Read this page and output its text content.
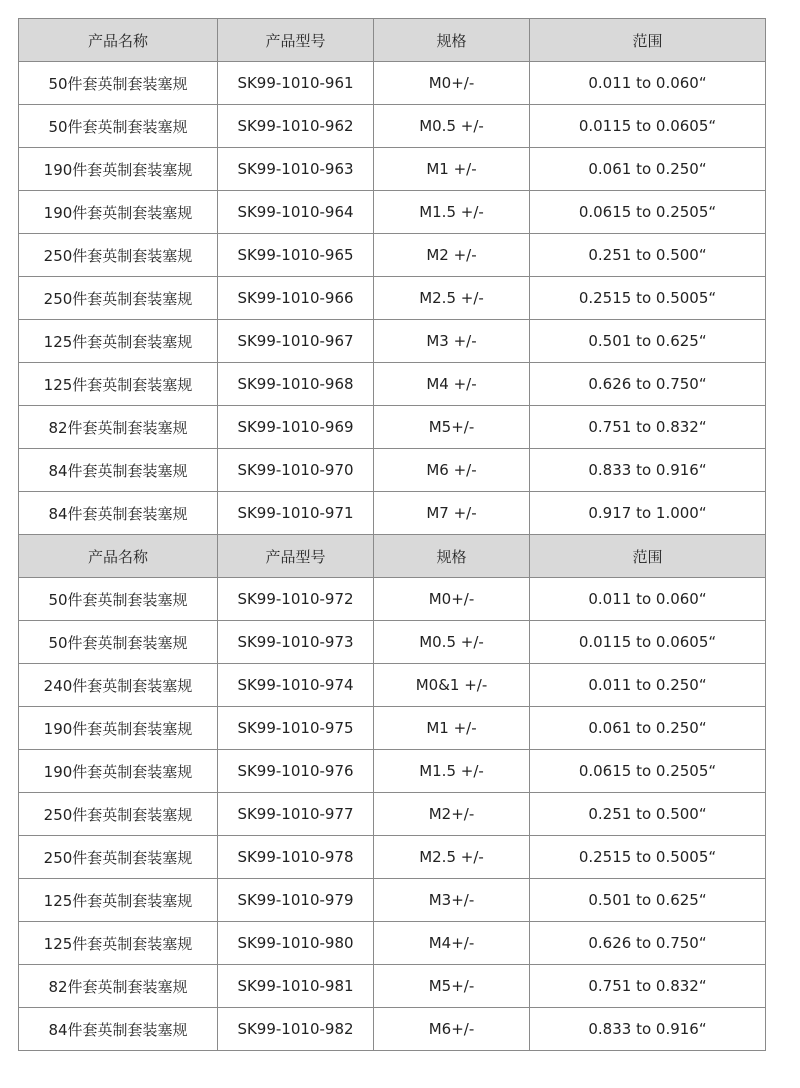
产品名称	产品型号	规格	范围
50件套英制套装塞规	SK99-1010-961	M0+/-	0.011 to 0.060“
50件套英制套装塞规	SK99-1010-962	M0.5 +/-	0.0115 to 0.0605“
190件套英制套装塞规	SK99-1010-963	M1 +/-	0.061 to 0.250“
190件套英制套装塞规	SK99-1010-964	M1.5 +/-	0.0615 to 0.2505“
250件套英制套装塞规	SK99-1010-965	M2 +/-	0.251 to 0.500“
250件套英制套装塞规	SK99-1010-966	M2.5 +/-	0.2515 to 0.5005“
125件套英制套装塞规	SK99-1010-967	M3 +/-	0.501 to 0.625“
125件套英制套装塞规	SK99-1010-968	M4 +/-	0.626 to 0.750“
82件套英制套装塞规	SK99-1010-969	M5+/-	0.751 to 0.832“
84件套英制套装塞规	SK99-1010-970	M6 +/-	0.833 to 0.916“
84件套英制套装塞规	SK99-1010-971	M7 +/-	0.917 to 1.000“
产品名称	产品型号	规格	范围
50件套英制套装塞规	SK99-1010-972	M0+/-	0.011 to 0.060“
50件套英制套装塞规	SK99-1010-973	M0.5 +/-	0.0115 to 0.0605“
240件套英制套装塞规	SK99-1010-974	M0&1 +/-	0.011 to 0.250“
190件套英制套装塞规	SK99-1010-975	M1 +/-	0.061 to 0.250“
190件套英制套装塞规	SK99-1010-976	M1.5 +/-	0.0615 to 0.2505“
250件套英制套装塞规	SK99-1010-977	M2+/-	0.251 to 0.500“
250件套英制套装塞规	SK99-1010-978	M2.5 +/-	0.2515 to 0.5005“
125件套英制套装塞规	SK99-1010-979	M3+/-	0.501 to 0.625“
125件套英制套装塞规	SK99-1010-980	M4+/-	0.626 to 0.750“
82件套英制套装塞规	SK99-1010-981	M5+/-	0.751 to 0.832“
84件套英制套装塞规	SK99-1010-982	M6+/-	0.833 to 0.916“
